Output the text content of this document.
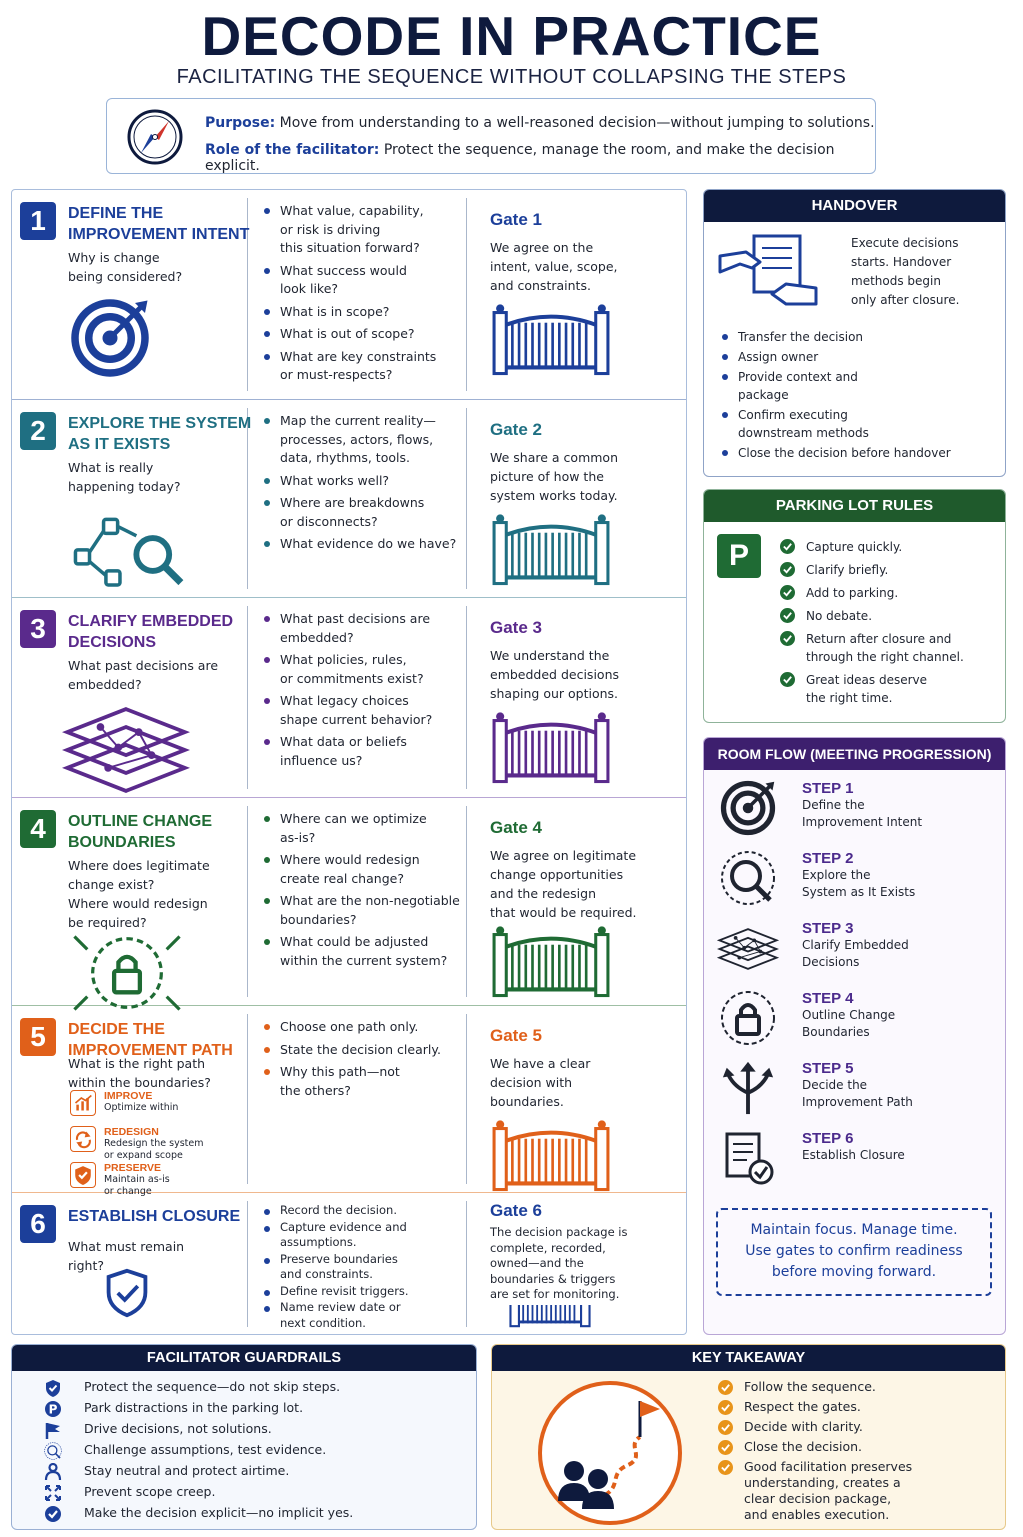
DECODE IN PRACTICE
FACILITATING THE SEQUENCE WITHOUT COLLAPSING THE STEPS
Purpose: Move from understanding to a well-reasoned decision—without jumping to solutions.
Role of the facilitator: Protect the sequence, manage the room, and make the decision explicit.
1	DEFINE THE
IMPROVEMENT INTENT
Why is change
being considered?
What value, capability,
or risk is driving
this situation forward?
What success would
look like?
What is in scope?
What is out of scope?
What are key constraints
or must-respects?
Gate 1
We agree on the
intent, value, scope,
and constraints.
2	EXPLORE THE SYSTEM
AS IT EXISTS
What is really
happening today?
Map the current reality—
processes, actors, flows,
data, rhythms, tools.
What works well?
Where are breakdowns
or disconnects?
What evidence do we have?
Gate 2
We share a common
picture of how the
system works today.
3	CLARIFY EMBEDDED
DECISIONS
What past decisions are
embedded?
What past decisions are
embedded?
What policies, rules,
or commitments exist?
What legacy choices
shape current behavior?
What data or beliefs
influence us?
Gate 3
We understand the
embedded decisions
shaping our options.
4	OUTLINE CHANGE
BOUNDARIES
Where does legitimate
change exist?
Where would redesign
be required?
Where can we optimize
as-is?
Where would redesign
create real change?
What are the non-negotiable
boundaries?
What could be adjusted
within the current system?
Gate 4
We agree on legitimate
change opportunities
and the redesign
that would be required.
5	DECIDE THE
IMPROVEMENT PATH
What is the right path
within the boundaries?
Choose one path only.
State the decision clearly.
Why this path—not
the others?
Gate 5
We have a clear
decision with
boundaries.
IMPROVE
Optimize within
REDESIGN
Redesign the system
or expand scope
PRESERVE
Maintain as-is
or change
6	ESTABLISH CLOSURE
What must remain
right?
Record the decision.
Capture evidence and
assumptions.
Preserve boundaries
and constraints.
Define revisit triggers.
Name review date or
next condition.
Gate 6
The decision package is
complete, recorded,
owned—and the
boundaries & triggers
are set for monitoring.
HANDOVER
Execute decisions
starts. Handover
methods begin
only after closure.
Transfer the decision
Assign owner
Provide context and
package
Confirm executing
downstream methods
Close the decision before handover
PARKING LOT RULES
P	Capture quickly.
Clarify briefly.
Add to parking.
No debate.
Return after closure and
through the right channel.
Great ideas deserve
the right time.
ROOM FLOW (MEETING PROGRESSION)
STEP 1
Define the
Improvement Intent
STEP 2
Explore the
System as It Exists
STEP 3
Clarify Embedded
Decisions
STEP 4
Outline Change
Boundaries
STEP 5
Decide the
Improvement Path
STEP 6
Establish Closure
Maintain focus. Manage time.
Use gates to confirm readiness
before moving forward.
FACILITATOR GUARDRAILS
Protect the sequence—do not skip steps.
P Park distractions in the parking lot.
Drive decisions, not solutions.
Challenge assumptions, test evidence.
Stay neutral and protect airtime.
Prevent scope creep.
Make the decision explicit—no implicit yes.
KEY TAKEAWAY
Follow the sequence.
Respect the gates.
Decide with clarity.
Close the decision.
Good facilitation preserves
understanding, creates a
clear decision package,
and enables execution.
